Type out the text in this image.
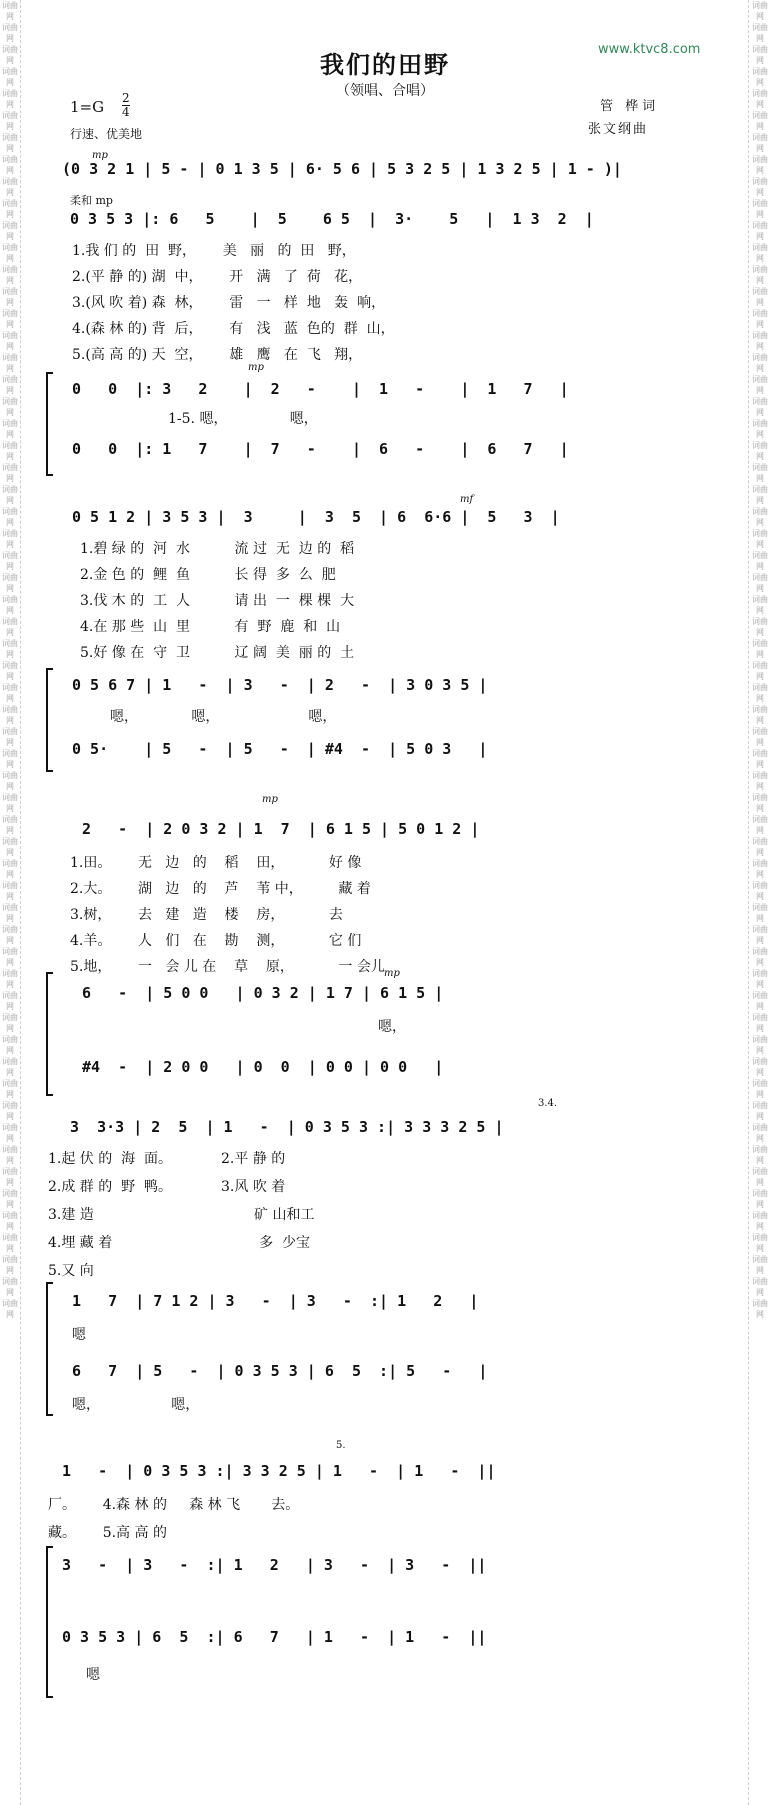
词曲网 词曲网 词曲网 词曲网 词曲网 词曲网 词曲网 词曲网 词曲网 词曲网 词曲网 词曲网 词曲网 词曲网 词曲网 词曲网 词曲网 词曲网 词曲网 词曲网 词曲网 词曲网 词曲网 词曲网 词曲网 词曲网 词曲网 词曲网 词曲网 词曲网 词曲网 词曲网 词曲网 词曲网 词曲网 词曲网 词曲网 词曲网 词曲网 词曲网 词曲网 词曲网 词曲网 词曲网 词曲网 词曲网 词曲网 词曲网 词曲网 词曲网 词曲网 词曲网 词曲网 词曲网 词曲网 词曲网 词曲网 词曲网 词曲网 词曲网
词曲网 词曲网 词曲网 词曲网 词曲网 词曲网 词曲网 词曲网 词曲网 词曲网 词曲网 词曲网 词曲网 词曲网 词曲网 词曲网 词曲网 词曲网 词曲网 词曲网 词曲网 词曲网 词曲网 词曲网 词曲网 词曲网 词曲网 词曲网 词曲网 词曲网 词曲网 词曲网 词曲网 词曲网 词曲网 词曲网 词曲网 词曲网 词曲网 词曲网 词曲网 词曲网 词曲网 词曲网 词曲网 词曲网 词曲网 词曲网 词曲网 词曲网 词曲网 词曲网 词曲网 词曲网 词曲网 词曲网 词曲网 词曲网 词曲网 词曲网
我们的田野
（领唱、合唱）
www.ktvc8.com
1=G 2
4
行速、优美地
管 桦词
张文纲曲
mp
(0 3 2 1 | 5 - | 0 1 3 5 | 6· 5 6 | 5 3 2 5 | 1 3 2 5 | 1 - )|
柔和 mp
0 3 5 3 |: 6   5    |  5    6 5  |  3·    5   |  1 3  2  |
1.我 们 的  田  野，      美   丽   的  田   野，
2.(平 静 的) 湖  中，      开   满   了  荷   花，
3.(风 吹 着) 森  林，      雷   一   样  地   轰  响，
4.(森 林 的) 背  后，      有   浅   蓝  色的  群  山，
5.(高 高 的) 天  空，      雄   鹰   在  飞   翔，
mp
0   0  |: 3   2    |  2   -    |  1   -    |  1   7   |
1-5. 嗯，              嗯，
0   0  |: 1   7    |  7   -    |  6   -    |  6   7   |
mf
0 5 1 2 | 3 5 3 |  3     |  3  5  | 6  6·6 |  5   3  |
1.碧 绿 的  河  水          流 过  无  边 的  稻
2.金 色 的  鲤  鱼          长 得  多  么  肥
3.伐 木 的  工  人          请 出  一  棵 棵  大
4.在 那 些  山  里          有  野  鹿  和  山
5.好 像 在  守  卫          辽 阔  美  丽 的  土
0 5 6 7 | 1   -  | 3   -  | 2   -  | 3 0 3 5 |
嗯，            嗯，                    嗯，
0 5·    | 5   -  | 5   -  | #4  -  | 5 0 3   |
mp
2   -  | 2 0 3 2 | 1  7  | 6 1 5 | 5 0 1 2 |
1.田。      无   边   的    稻    田，          好 像
2.大。      湖   边   的    芦    苇 中，        藏 着
3.树，      去   建   造    楼    房，          去
4.羊。      人   们   在    勘    测，          它 们
5.地，      一   会 儿 在    草    原，          一 会儿 mp
6   -  | 5 0 0   | 0 3 2 | 1 7 | 6 1 5 |
嗯，
#4  -  | 2 0 0   | 0  0  | 0 0 | 0 0   |
3.4.
3  3·3 | 2  5  | 1   -  | 0 3 5 3 :| 3 3 3 2 5 |
1.起 伏 的  海  面。           2.平 静 的
2.成 群 的  野  鸭。           3.风 吹 着
3.建 造                                    矿 山和工
4.埋 藏 着                                 多  少宝
5.又 向
1   7  | 7 1 2 | 3   -  | 3   -  :| 1   2   |
嗯
6   7  | 5   -  | 0 3 5 3 | 6  5  :| 5   -   |
嗯，                嗯，
5.
1   -  | 0 3 5 3 :| 3 3 2 5 | 1   -  | 1   -  ||
厂。      4.森 林 的     森 林 飞       去。
藏。      5.高 高 的
3   -  | 3   -  :| 1   2   | 3   -  | 3   -  ||
0 3 5 3 | 6  5  :| 6   7   | 1   -  | 1   -  ||
嗯
